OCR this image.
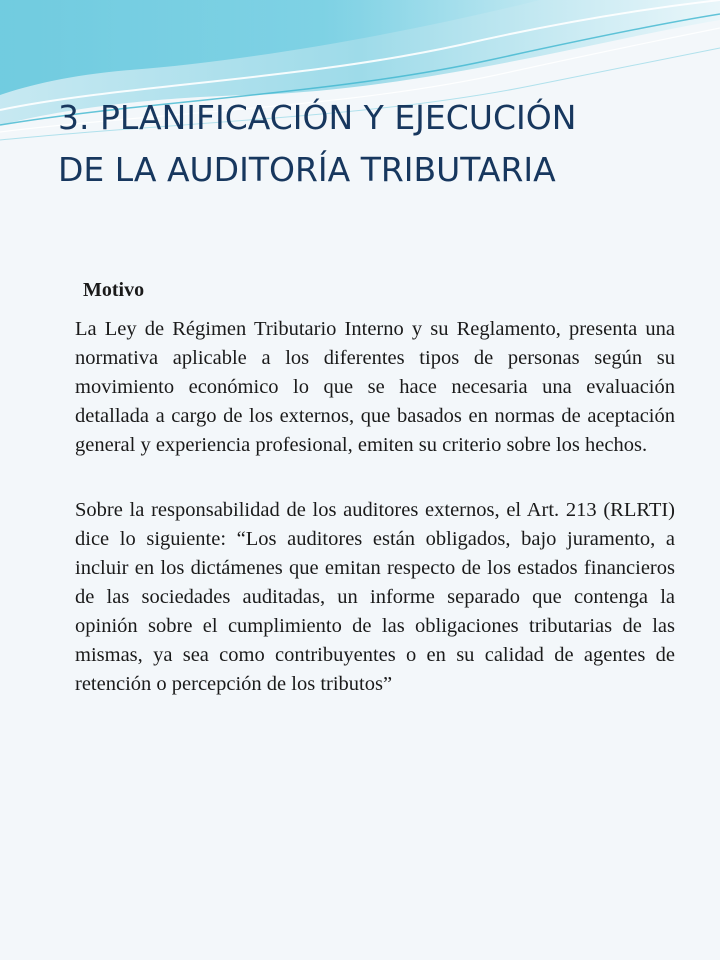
3. PLANIFICACIÓN Y EJECUCIÓN
DE LA AUDITORÍA TRIBUTARIA

Motivo

La Ley de Régimen Tributario Interno y su Reglamento, presenta una normativa aplicable a los diferentes tipos de personas según su movimiento económico lo que se hace necesaria una evaluación detallada a cargo de los externos, que basados en normas de aceptación general y experiencia profesional, emiten su criterio sobre los hechos.

Sobre la responsabilidad de los auditores externos, el Art. 213 (RLRTI) dice lo siguiente: “Los auditores están obligados, bajo juramento, a incluir en los dictámenes que emitan respecto de los estados financieros de las sociedades auditadas, un informe separado que contenga la opinión sobre el cumplimiento de las obligaciones tributarias de las mismas, ya sea como contribuyentes o en su calidad de agentes de retención o percepción de los tributos”
